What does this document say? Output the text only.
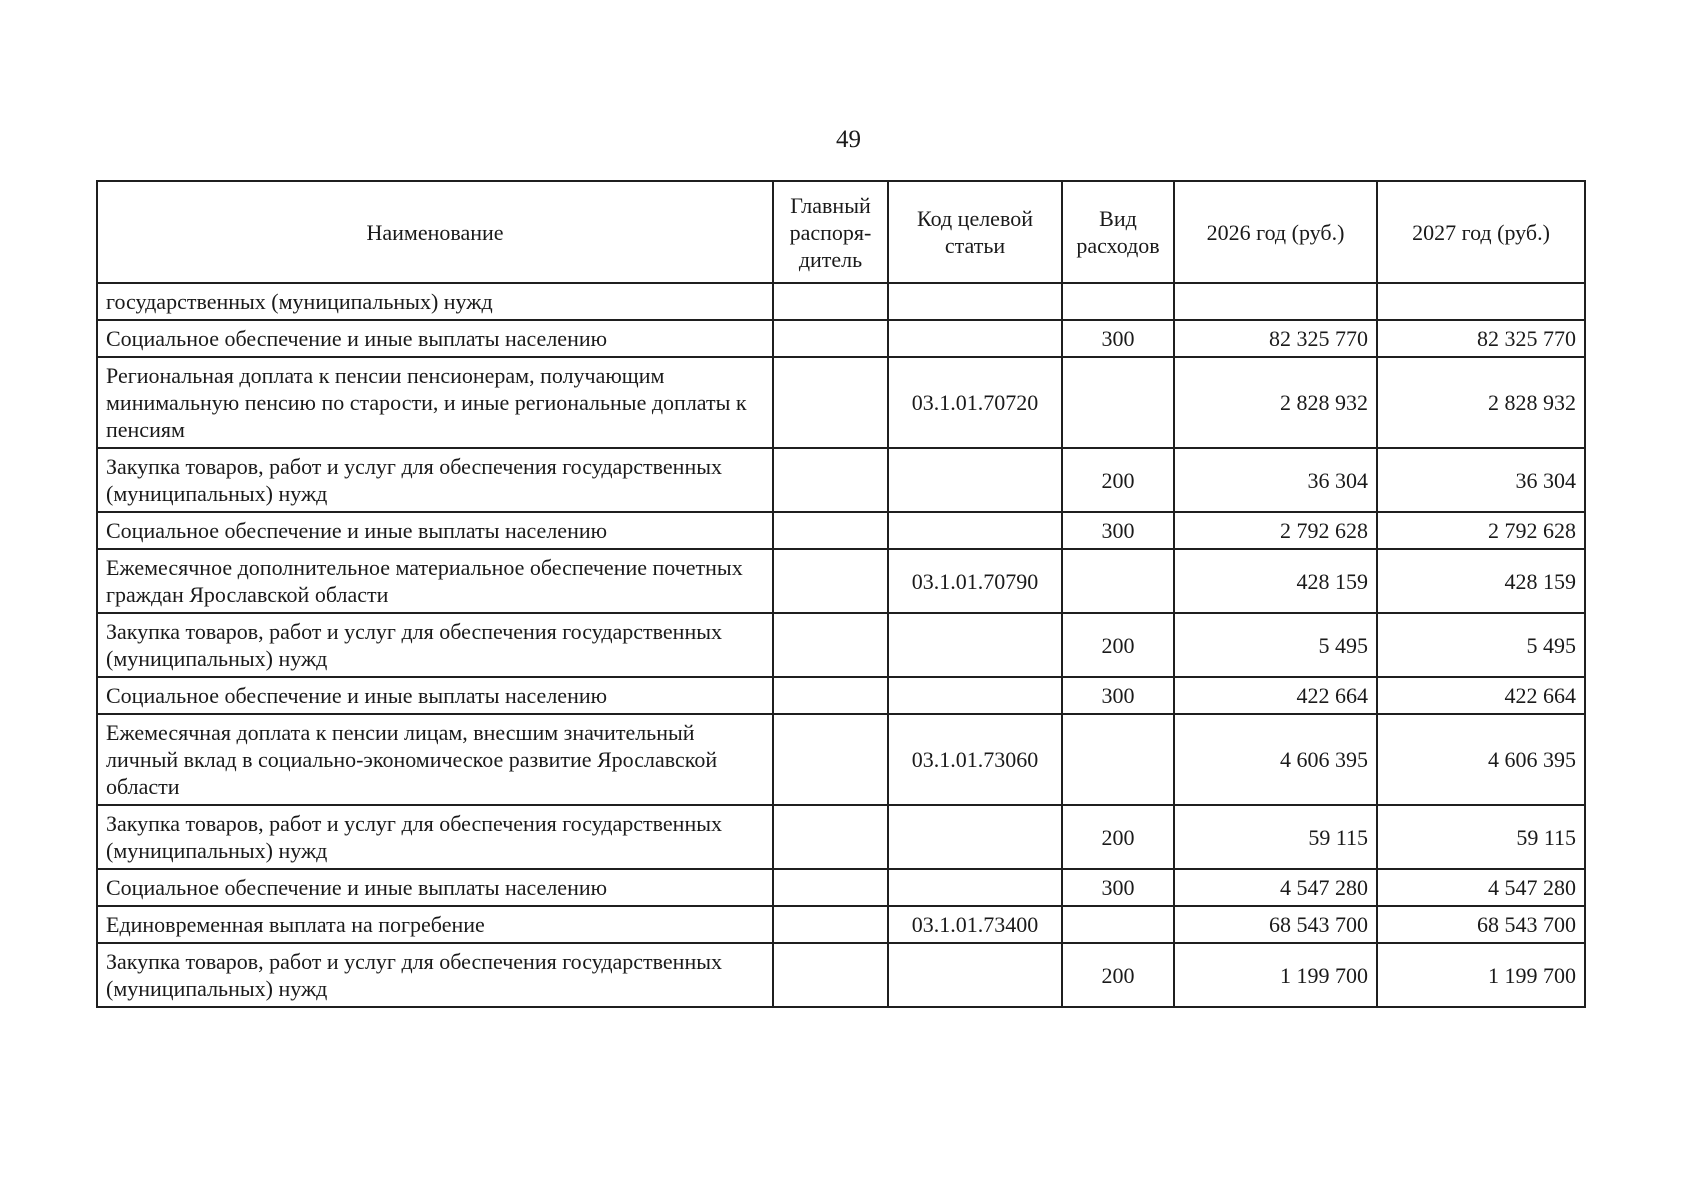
49
Наименование	Главный распоря-дитель	Код целевой статьи	Вид расходов	2026 год (руб.)	2027 год (руб.)
государственных (муниципальных) нужд					
Социальное обеспечение и иные выплаты населению			300	82 325 770	82 325 770
Региональная доплата к пенсии пенсионерам, получающим минимальную пенсию по старости, и иные региональные доплаты к пенсиям		03.1.01.70720		2 828 932	2 828 932
Закупка товаров, работ и услуг для обеспечения государственных (муниципальных) нужд			200	36 304	36 304
Социальное обеспечение и иные выплаты населению			300	2 792 628	2 792 628
Ежемесячное дополнительное материальное обеспечение почетных граждан Ярославской области		03.1.01.70790		428 159	428 159
Закупка товаров, работ и услуг для обеспечения государственных (муниципальных) нужд			200	5 495	5 495
Социальное обеспечение и иные выплаты населению			300	422 664	422 664
Ежемесячная доплата к пенсии лицам, внесшим значительный личный вклад в социально-экономическое развитие Ярославской области		03.1.01.73060		4 606 395	4 606 395
Закупка товаров, работ и услуг для обеспечения государственных (муниципальных) нужд			200	59 115	59 115
Социальное обеспечение и иные выплаты населению			300	4 547 280	4 547 280
Единовременная выплата на погребение		03.1.01.73400		68 543 700	68 543 700
Закупка товаров, работ и услуг для обеспечения государственных (муниципальных) нужд			200	1 199 700	1 199 700
